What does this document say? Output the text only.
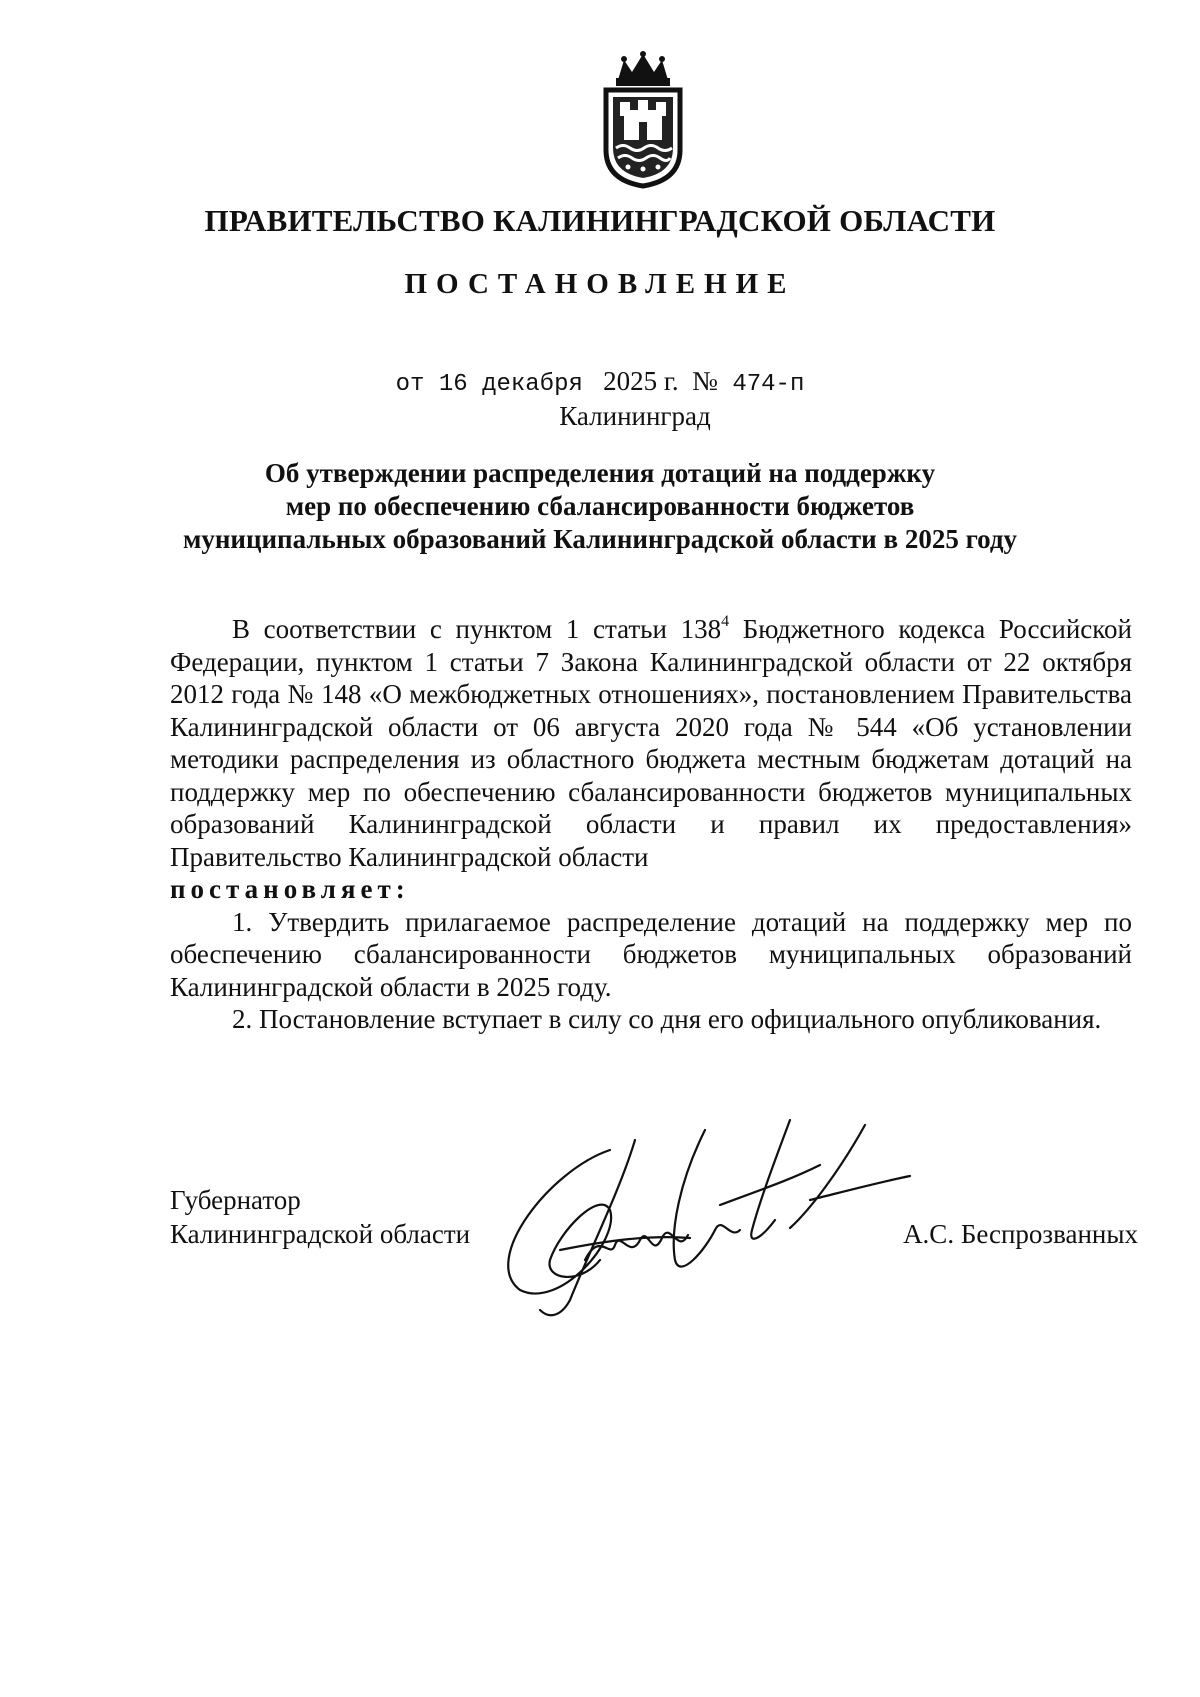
ПРАВИТЕЛЬСТВО КАЛИНИНГРАДСКОЙ ОБЛАСТИ
ПОСТАНОВЛЕНИЕ
от 16 декабря 2025 г. № 474-п
Калининград
Об утверждении распределения дотаций на поддержку
мер по обеспечению сбалансированности бюджетов
муниципальных образований Калининградской области в 2025 году

В соответствии с пунктом 1 статьи $138^4$ Бюджетного кодекса Российской Федерации, пунктом 1 статьи 7 Закона Калининградской области от 22 октября 2012 года № 148 «О межбюджетных отношениях», постановлением Правительства Калининградской области от 06 августа 2020 года № 544 «Об установлении методики распределения из областного бюджета местным бюджетам дотаций на поддержку мер по обеспечению сбалансированности бюджетов муниципальных образований Калининградской области и правил их предоставления» Правительство Калининградской области

постановляет:

1. Утвердить прилагаемое распределение дотаций на поддержку мер по обеспечению сбалансированности бюджетов муниципальных образований Калининградской области в 2025 году.

2. Постановление вступает в силу со дня его официального опубликования.

Губернатор
Калининградской области	А.С. Беспрозванных
